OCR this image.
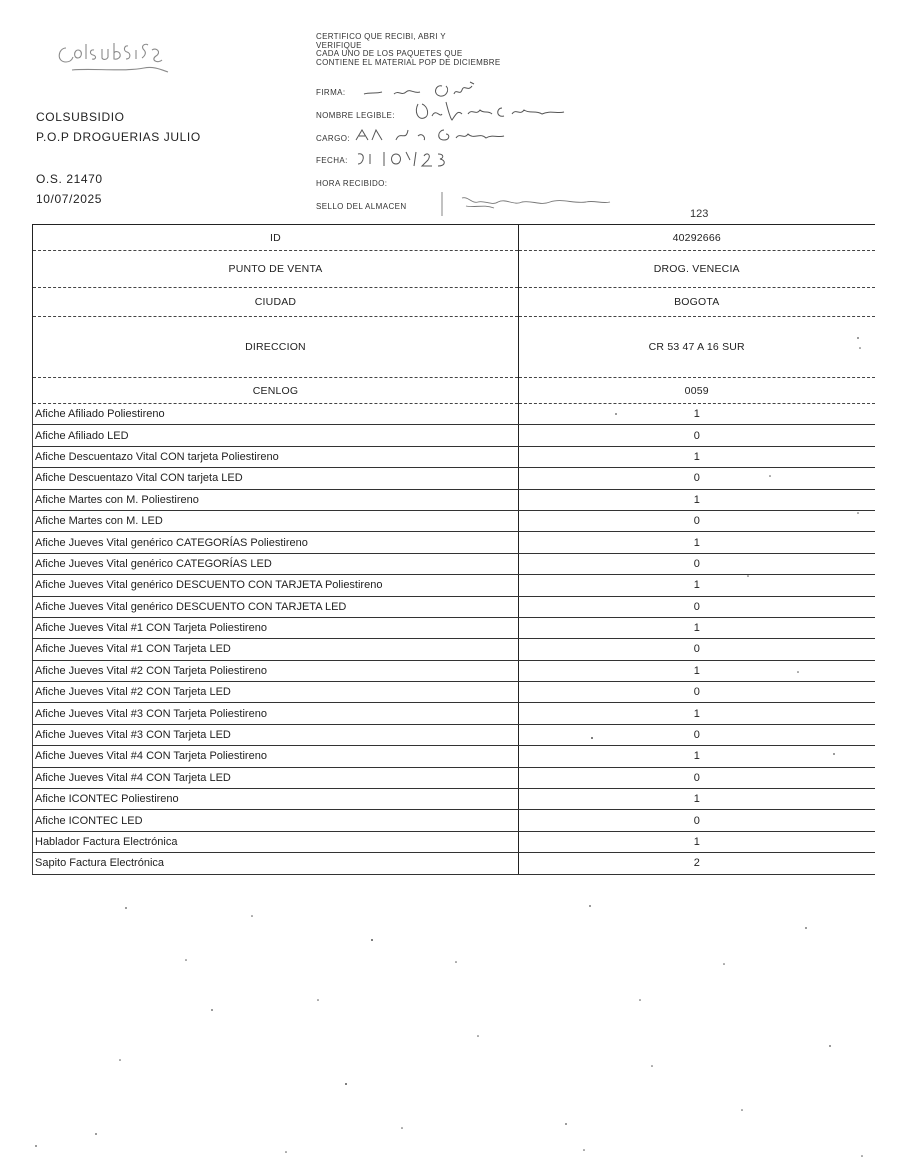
COLSUBSIDIO
P.O.P DROGUERIAS JULIO
O.S. 21470
10/07/2025
CERTIFICO QUE RECIBI, ABRI Y
VERIFIQUE
CADA UNO DE LOS PAQUETES QUE
CONTIENE EL MATERIAL POP DE DICIEMBRE
FIRMA:
NOMBRE LEGIBLE:
CARGO:
FECHA:
HORA RECIBIDO:
SELLO DEL ALMACEN
123
ID	40292666
PUNTO DE VENTA	DROG. VENECIA
CIUDAD	BOGOTA
DIRECCION	CR 53 47 A 16 SUR
CENLOG	0059
Afiche Afiliado Poliestireno	1
Afiche Afiliado LED	0
Afiche Descuentazo Vital CON tarjeta Poliestireno	1
Afiche Descuentazo Vital CON tarjeta LED	0
Afiche Martes con M. Poliestireno	1
Afiche Martes con M. LED	0
Afiche Jueves Vital genérico CATEGORÍAS Poliestireno	1
Afiche Jueves Vital genérico CATEGORÍAS LED	0
Afiche Jueves Vital genérico DESCUENTO CON TARJETA Poliestireno	1
Afiche Jueves Vital genérico DESCUENTO CON TARJETA LED	0
Afiche Jueves Vital #1 CON Tarjeta Poliestireno	1
Afiche Jueves Vital #1 CON Tarjeta LED	0
Afiche Jueves Vital #2 CON Tarjeta Poliestireno	1
Afiche Jueves Vital #2 CON Tarjeta LED	0
Afiche Jueves Vital #3 CON Tarjeta Poliestireno	1
Afiche Jueves Vital #3 CON Tarjeta LED	0
Afiche Jueves Vital #4 CON Tarjeta Poliestireno	1
Afiche Jueves Vital #4 CON Tarjeta LED	0
Afiche ICONTEC Poliestireno	1
Afiche ICONTEC LED	0
Hablador Factura Electrónica	1
Sapito Factura Electrónica	2
